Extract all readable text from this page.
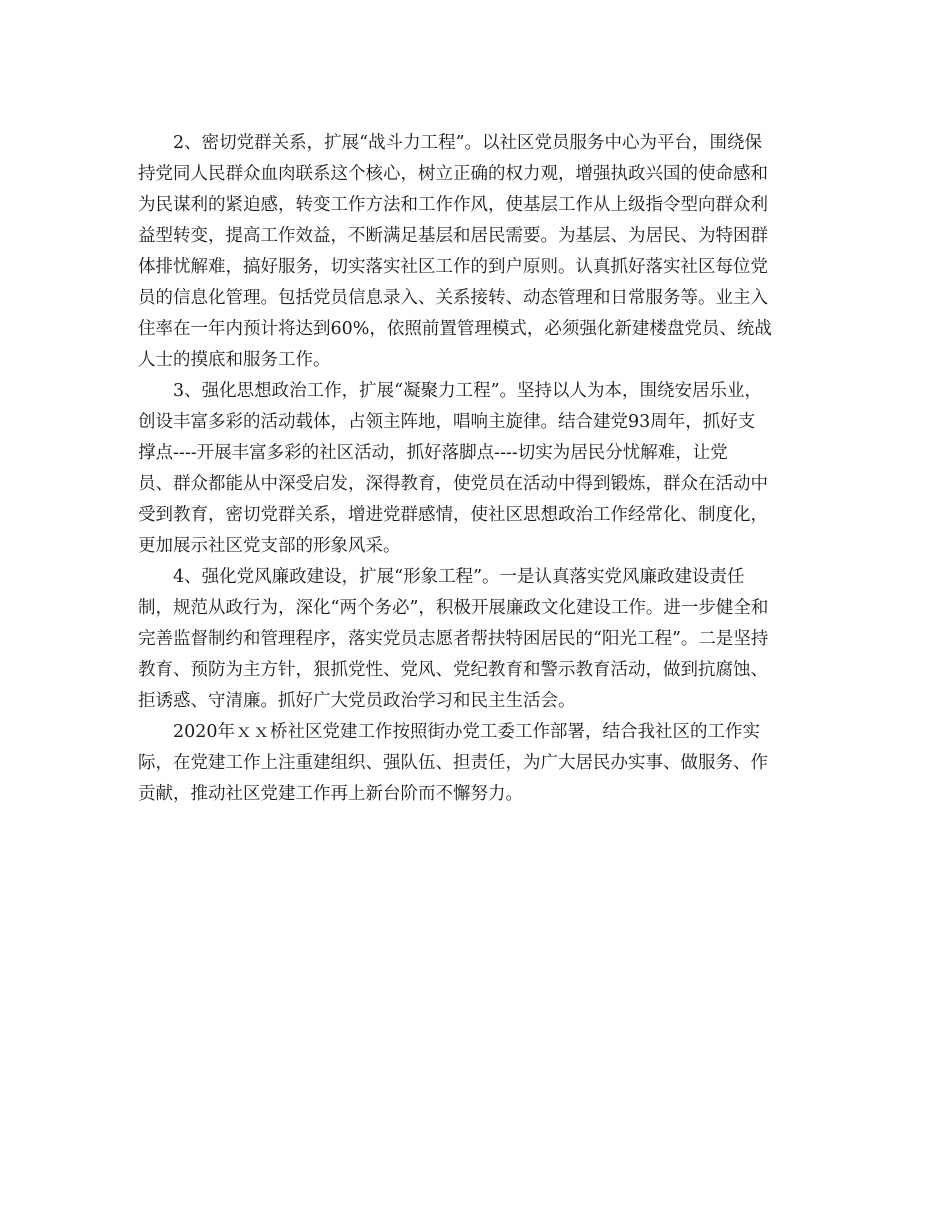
　　2、密切党群关系，扩展“战斗力工程”。以社区党员服务中心为平台，围绕保
持党同人民群众血肉联系这个核心，树立正确的权力观，增强执政兴国的使命感和
为民谋利的紧迫感，转变工作方法和工作作风，使基层工作从上级指令型向群众利
益型转变，提高工作效益，不断满足基层和居民需要。为基层、为居民、为特困群
体排忧解难，搞好服务，切实落实社区工作的到户原则。认真抓好落实社区每位党
员的信息化管理。包括党员信息录入、关系接转、动态管理和日常服务等。业主入
住率在一年内预计将达到60%，依照前置管理模式，必须强化新建楼盘党员、统战
人士的摸底和服务工作。
　　3、强化思想政治工作，扩展“凝聚力工程”。坚持以人为本，围绕安居乐业，
创设丰富多彩的活动载体，占领主阵地，唱响主旋律。结合建党93周年，抓好支
撑点----开展丰富多彩的社区活动，抓好落脚点----切实为居民分忧解难，让党
员、群众都能从中深受启发，深得教育，使党员在活动中得到锻炼，群众在活动中
受到教育，密切党群关系，增进党群感情，使社区思想政治工作经常化、制度化，
更加展示社区党支部的形象风采。
　　4、强化党风廉政建设，扩展“形象工程”。一是认真落实党风廉政建设责任
制，规范从政行为，深化“两个务必”，积极开展廉政文化建设工作。进一步健全和
完善监督制约和管理程序，落实党员志愿者帮扶特困居民的“阳光工程”。二是坚持
教育、预防为主方针，狠抓党性、党风、党纪教育和警示教育活动，做到抗腐蚀、
拒诱惑、守清廉。抓好广大党员政治学习和民主生活会。
　　2020年ｘｘ桥社区党建工作按照街办党工委工作部署，结合我社区的工作实
际，在党建工作上注重建组织、强队伍、担责任，为广大居民办实事、做服务、作
贡献，推动社区党建工作再上新台阶而不懈努力。
